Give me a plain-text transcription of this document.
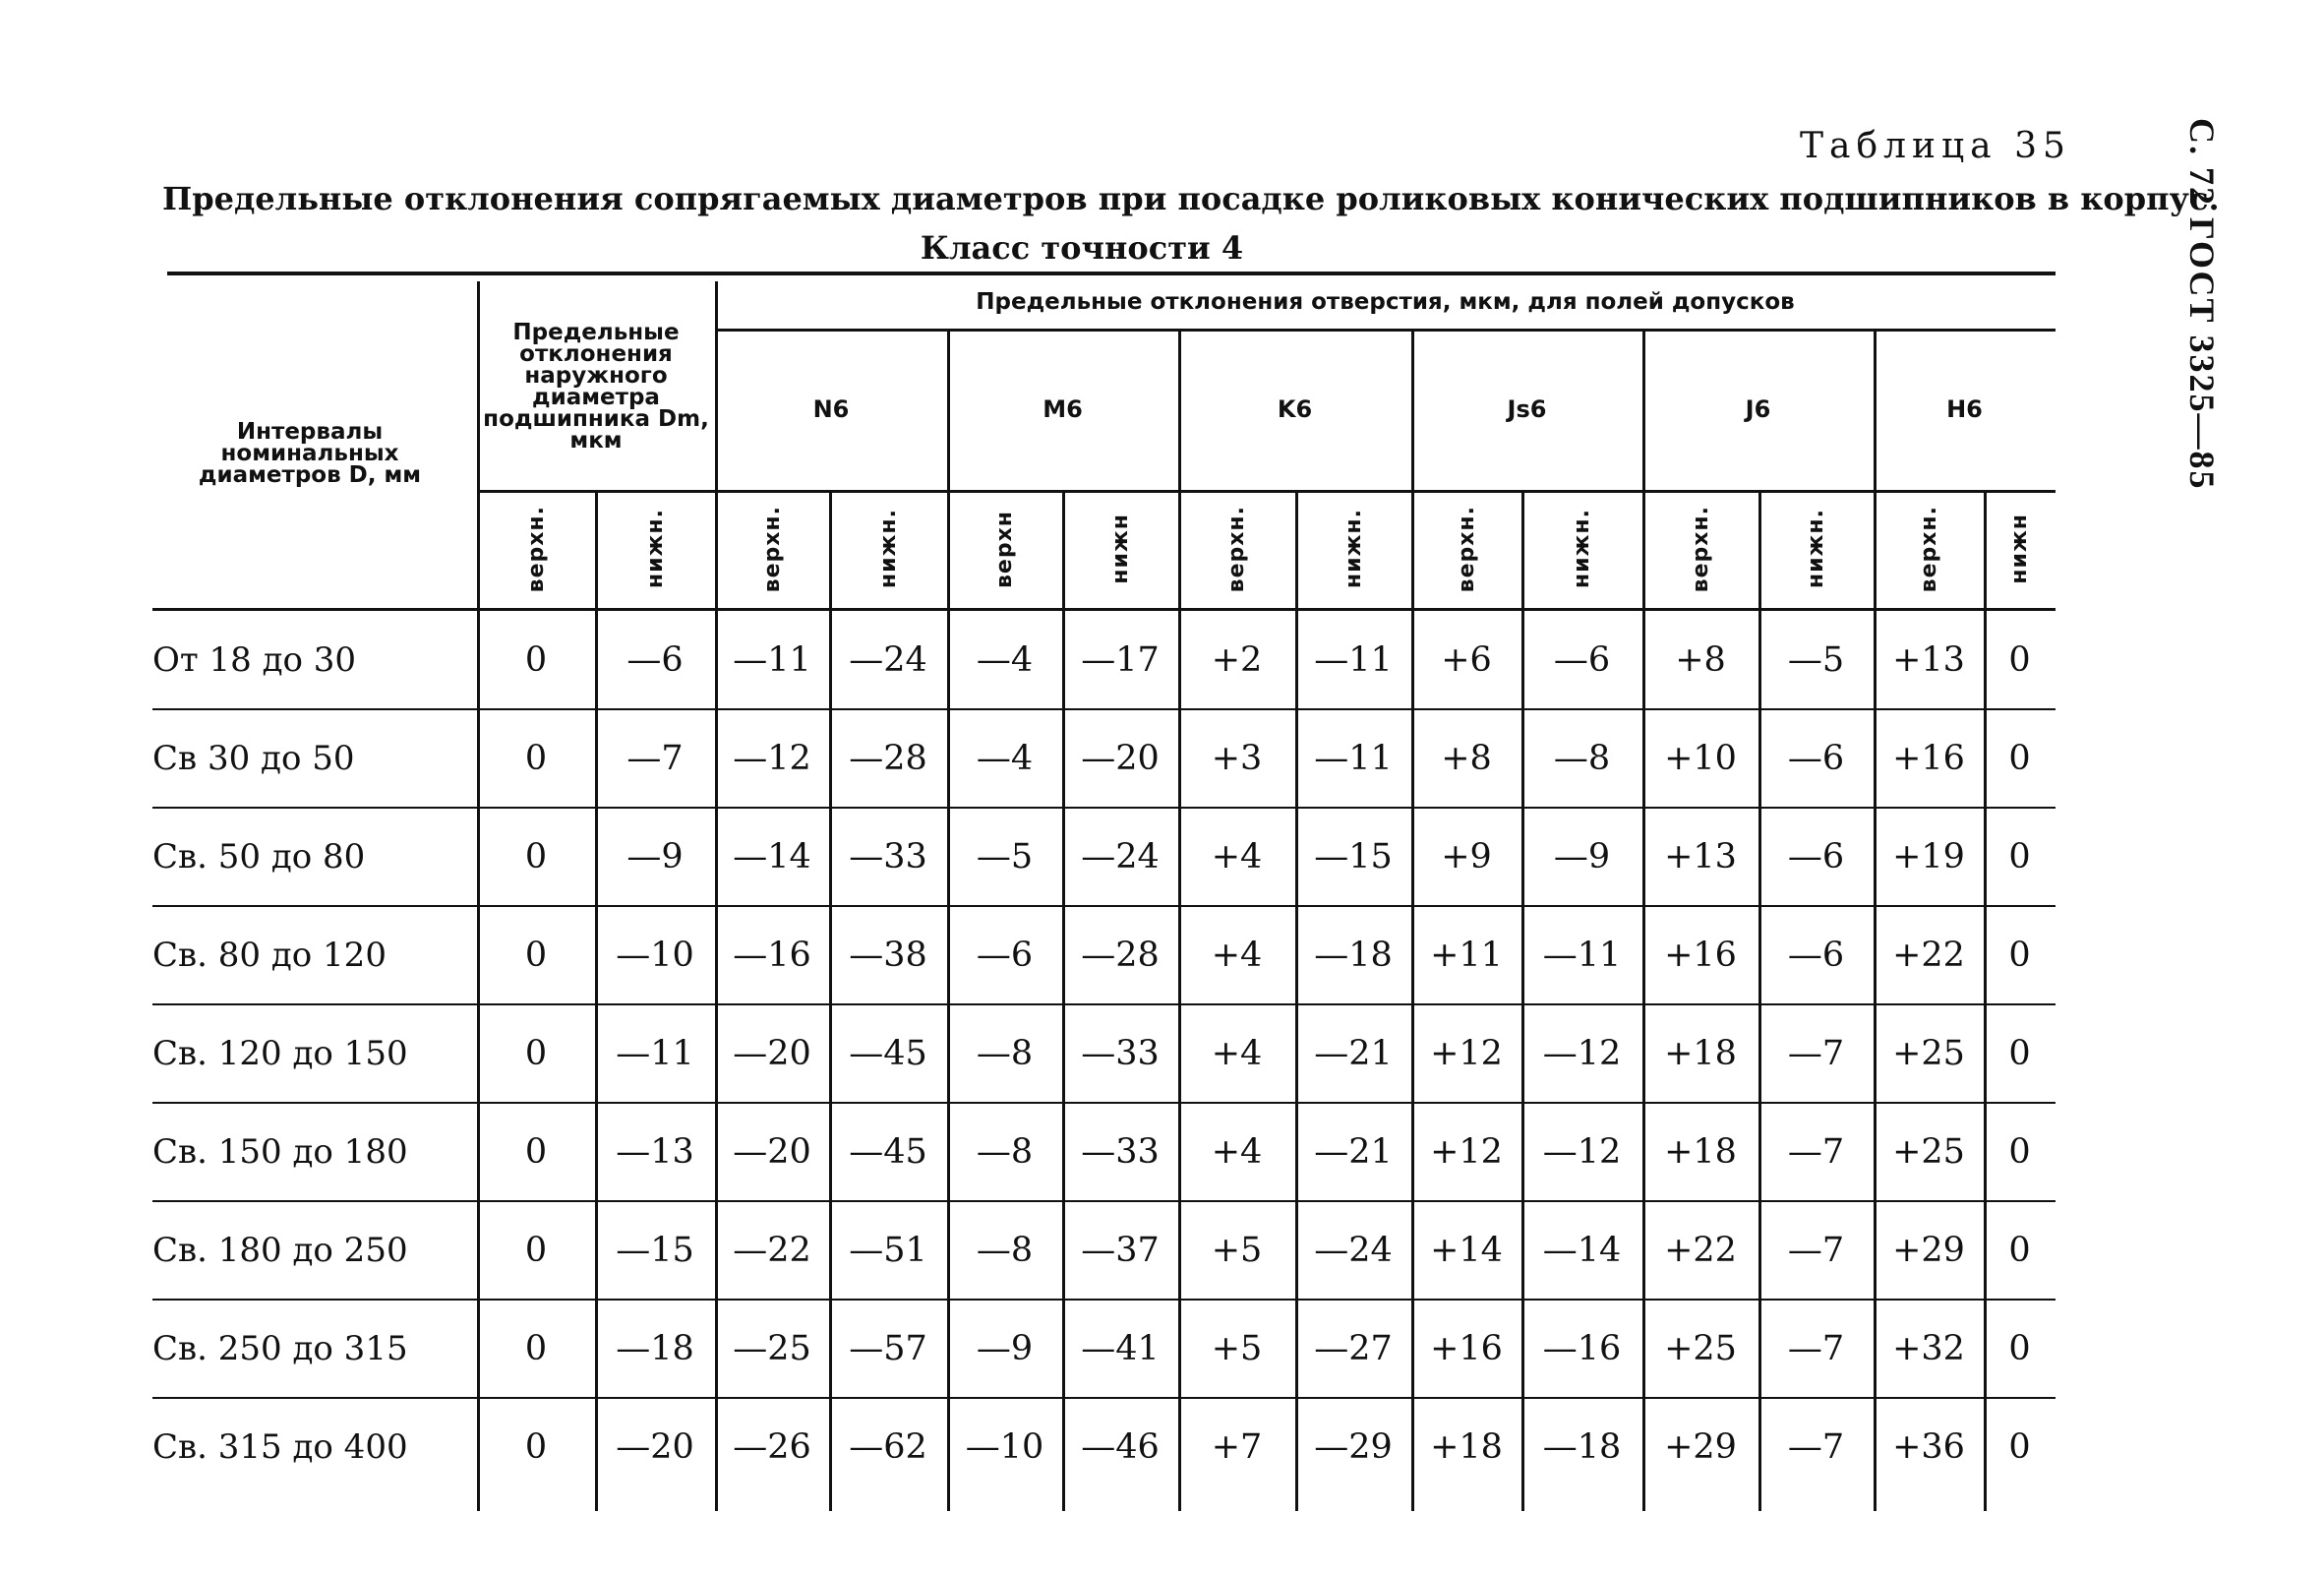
Таблица 35	С. 72 ГОСТ 3325—85
Предельные отклонения сопрягаемых диаметров при посадке роликовых конических подшипников в корпус.
Класс точности 4
Интервалы номинальных диаметров D, мм
Предельные отклонения наружного диаметра подшипника Dm, мкм
Предельные отклонения отверстия, мкм, для полей допусков
N6	M6	K6	Js6	J6	H6
верхн.	нижн.	верхн.	нижн.	верхн	нижн	верхн.	нижн.	верхн.	нижн.	верхн.	нижн.	вeрхн.	нижн
От 18 до 30	0	—6	—11	—24	—4	—17	+2	—11	+6	—6	+8	—5	+13	0
Св 30 до 50	0	—7	—12	—28	—4	—20	+3	—11	+8	—8	+10	—6	+16	0
Св. 50 до 80	0	—9	—14	—33	—5	—24	+4	—15	+9	—9	+13	—6	+19	0
Св. 80 до 120	0	—10	—16	—38	—6	—28	+4	—18	+11	—11	+16	—6	+22	0
Св. 120 до 150	0	—11	—20	—45	—8	—33	+4	—21	+12	—12	+18	—7	+25	0
Св. 150 до 180	0	—13	—20	—45	—8	—33	+4	—21	+12	—12	+18	—7	+25	0
Св. 180 до 250	0	—15	—22	—51	—8	—37	+5	—24	+14	—14	+22	—7	+29	0
Св. 250 до 315	0	—18	—25	—57	—9	—41	+5	—27	+16	—16	+25	—7	+32	0
Св. 315 до 400	0	—20	—26	—62	—10	—46	+7	—29	+18	—18	+29	—7	+36	0
